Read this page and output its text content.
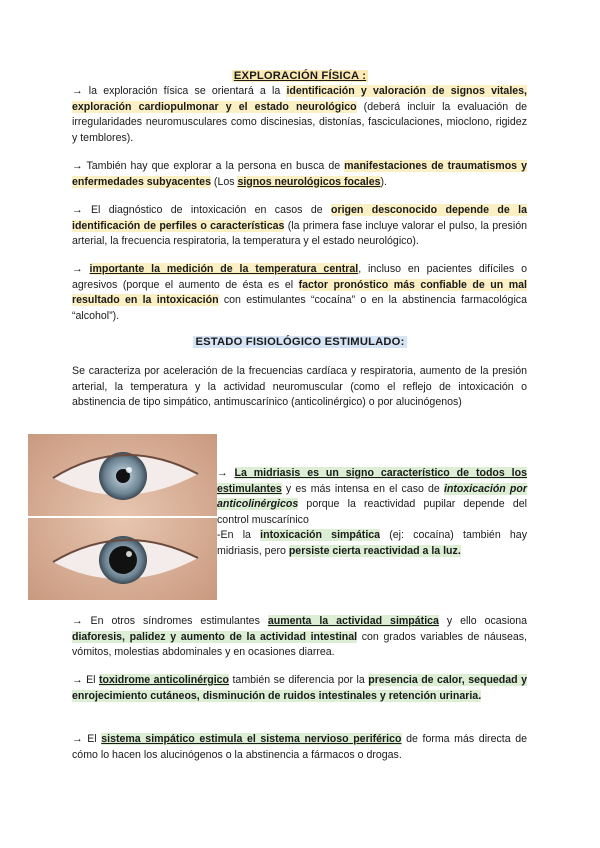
EXPLORACIÓN FÍSICA :

→ la exploración física se orientará a la identificación y valoración de signos vitales, exploración cardiopulmonar y el estado neurológico (deberá incluir la evaluación de irregularidades neuromusculares como discinesias, distonías, fasciculaciones, mioclono, rigidez y temblores).

→ También hay que explorar a la persona en busca de manifestaciones de traumatismos y enfermedades subyacentes (Los signos neurológicos focales).

→ El diagnóstico de intoxicación en casos de origen desconocido depende de la identificación de perfiles o características (la primera fase incluye valorar el pulso, la presión arterial, la frecuencia respiratoria, la temperatura y el estado neurológico).

→ importante la medición de la temperatura central, incluso en pacientes difíciles o agresivos (porque el aumento de ésta es el factor pronóstico más confiable de un mal resultado en la intoxicación con estimulantes “cocaína” o en la abstinencia farmacológica “alcohol”).

ESTADO FISIOLÓGICO ESTIMULADO:

Se caracteriza por aceleración de la frecuencias cardíaca y respiratoria, aumento de la presión arterial, la temperatura y la actividad neuromuscular (como el reflejo de intoxicación o abstinencia de tipo simpático, antimuscarínico (anticolinérgico) o por alucinógenos)

→ La midriasis es un signo característico de todos los estimulantes y es más intensa en el caso de intoxicación por anticolinérgicos porque la reactividad pupilar depende del control muscarínico

-En la intoxicación simpática (ej: cocaína) también hay midriasis, pero persiste cierta reactividad a la luz.

→ En otros síndromes estimulantes aumenta la actividad simpática y ello ocasiona diaforesis, palidez y aumento de la actividad intestinal con grados variables de náuseas, vómitos, molestias abdominales y en ocasiones diarrea.

→ El toxidrome anticolinérgico también se diferencia por la presencia de calor, sequedad y enrojecimiento cutáneos, disminución de ruidos intestinales y retención urinaria.

→ El sistema simpático estimula el sistema nervioso periférico de forma más directa de cómo lo hacen los alucinógenos o la abstinencia a fármacos o drogas.
